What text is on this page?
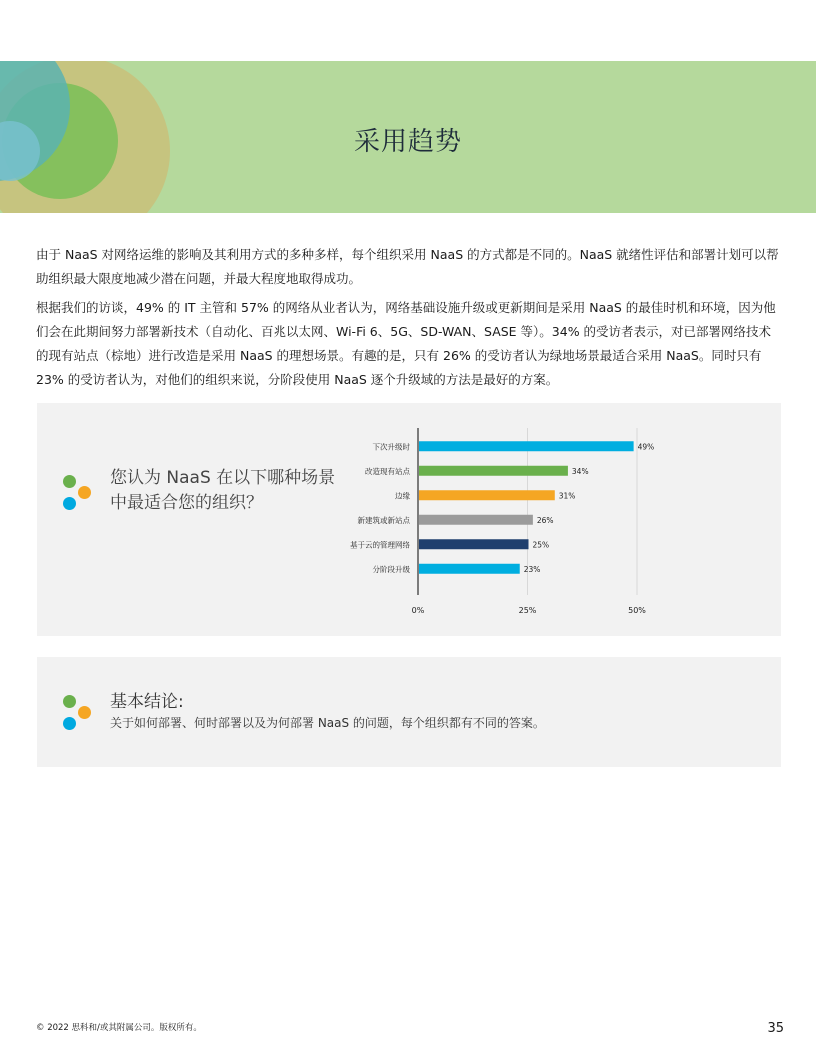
采用趋势

由于 NaaS 对网络运维的影响及其利用方式的多种多样，每个组织采用 NaaS 的方式都是不同的。NaaS 就绪性评估和部署计划可以帮助组织最大限度地减少潜在问题，并最大程度地取得成功。

根据我们的访谈，49% 的 IT 主管和 57% 的网络从业者认为，网络基础设施升级或更新期间是采用 NaaS 的最佳时机和环境，因为他们会在此期间努力部署新技术（自动化、百兆以太网、Wi-Fi 6、5G、SD-WAN、SASE 等）。34% 的受访者表示，对已部署网络技术的现有站点（棕地）进行改造是采用 NaaS 的理想场景。有趣的是，只有 26% 的受访者认为绿地场景最适合采用 NaaS。同时只有 23% 的受访者认为，对他们的组织来说，分阶段使用 NaaS 逐个升级域的方法是最好的方案。

您认为 NaaS 在以下哪种场景中最适合您的组织？
0%	25%	50%
下次升级时	49%
改造现有站点	34%
边缘	31%
新建筑或新站点	26%
基于云的管理网络	25%
分阶段升级	23%
基本结论:
关于如何部署、何时部署以及为何部署 NaaS 的问题，每个组织都有不同的答案。
© 2022 思科和/或其附属公司。版权所有。	35
